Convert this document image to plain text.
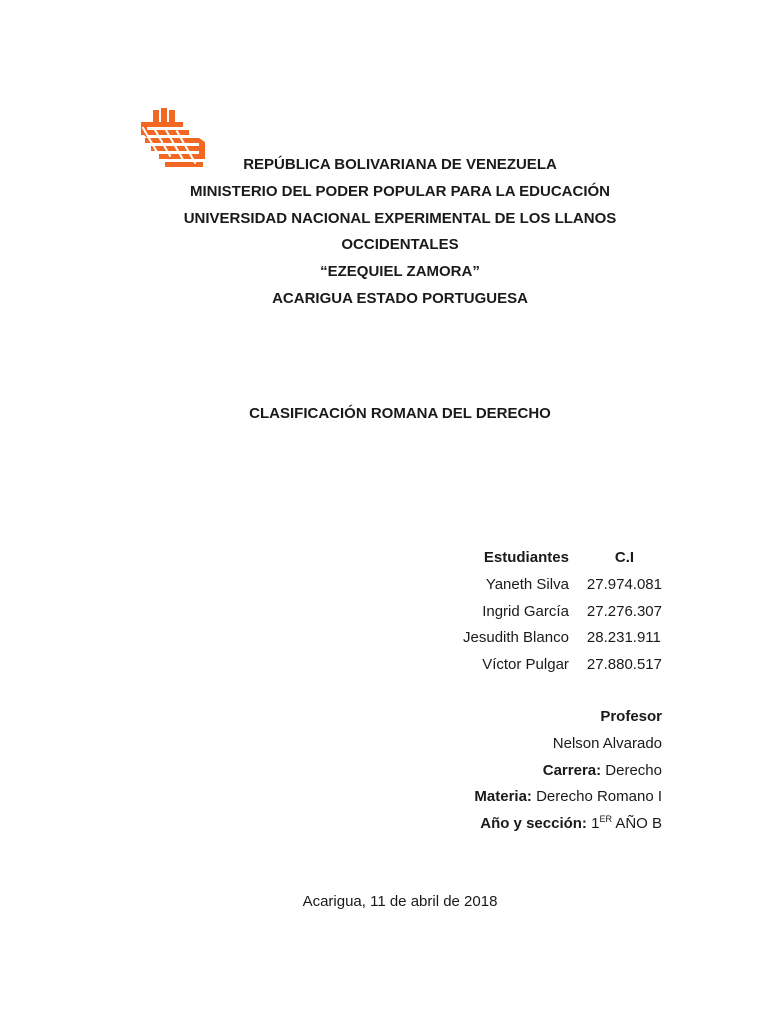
REPÚBLICA BOLIVARIANA DE VENEZUELA
MINISTERIO DEL PODER POPULAR PARA LA EDUCACIÓN
UNIVERSIDAD NACIONAL EXPERIMENTAL DE LOS LLANOS
OCCIDENTALES
“EZEQUIEL ZAMORA”
ACARIGUA ESTADO PORTUGUESA
CLASIFICACIÓN ROMANA DEL DERECHO
Estudiantes	C.I
Yaneth Silva	27.974.081
Ingrid García	27.276.307
Jesudith Blanco	28.231.911
Víctor Pulgar	27.880.517
Profesor
Nelson Alvarado
Carrera: Derecho
Materia: Derecho Romano I
Año y sección: 1ER AÑO B
Acarigua, 11 de abril de 2018
